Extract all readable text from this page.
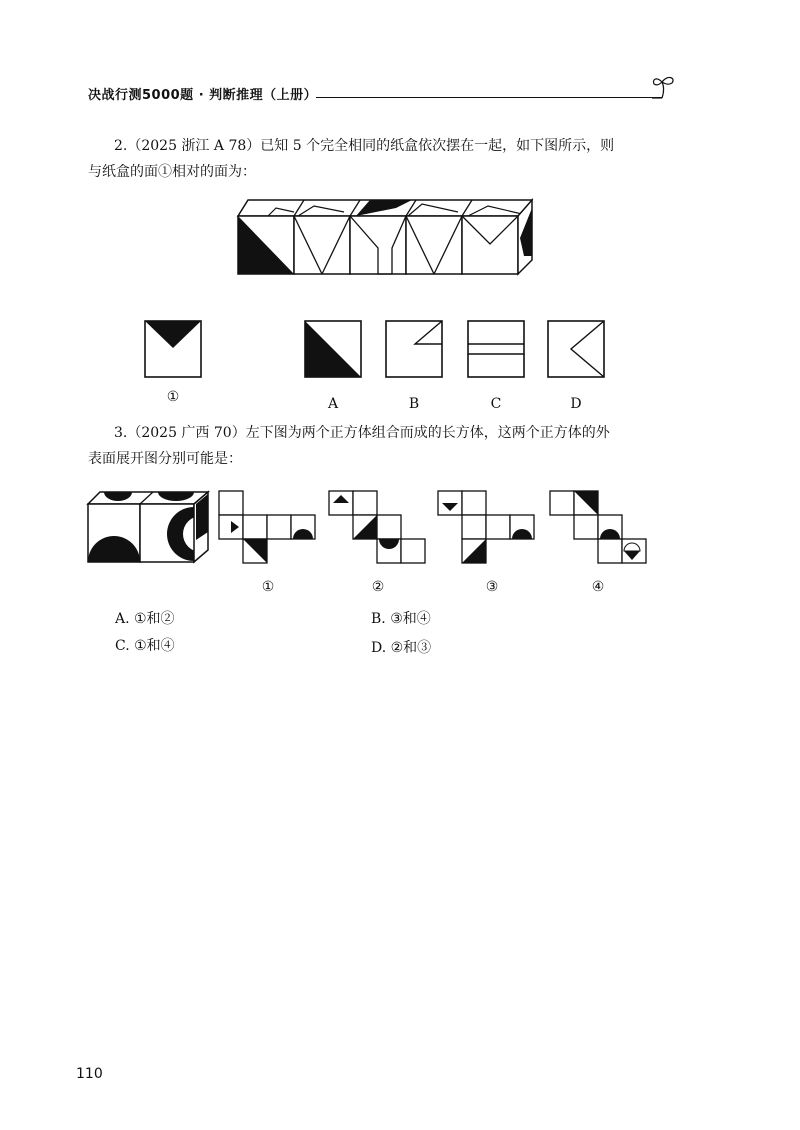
决战行测5000题 · 判断推理（上册）

2.（2025 浙江 A 78）已知 5 个完全相同的纸盒依次摆在一起，如下图所示，则

与纸盒的面①相对的面为：

①	A	B	C	D

3.（2025 广西 70）左下图为两个正方体组合而成的长方体，这两个正方体的外

表面展开图分别可能是：

①	②	③	④
A. ①和②	B. ③和④
C. ①和④	D. ②和③
110
